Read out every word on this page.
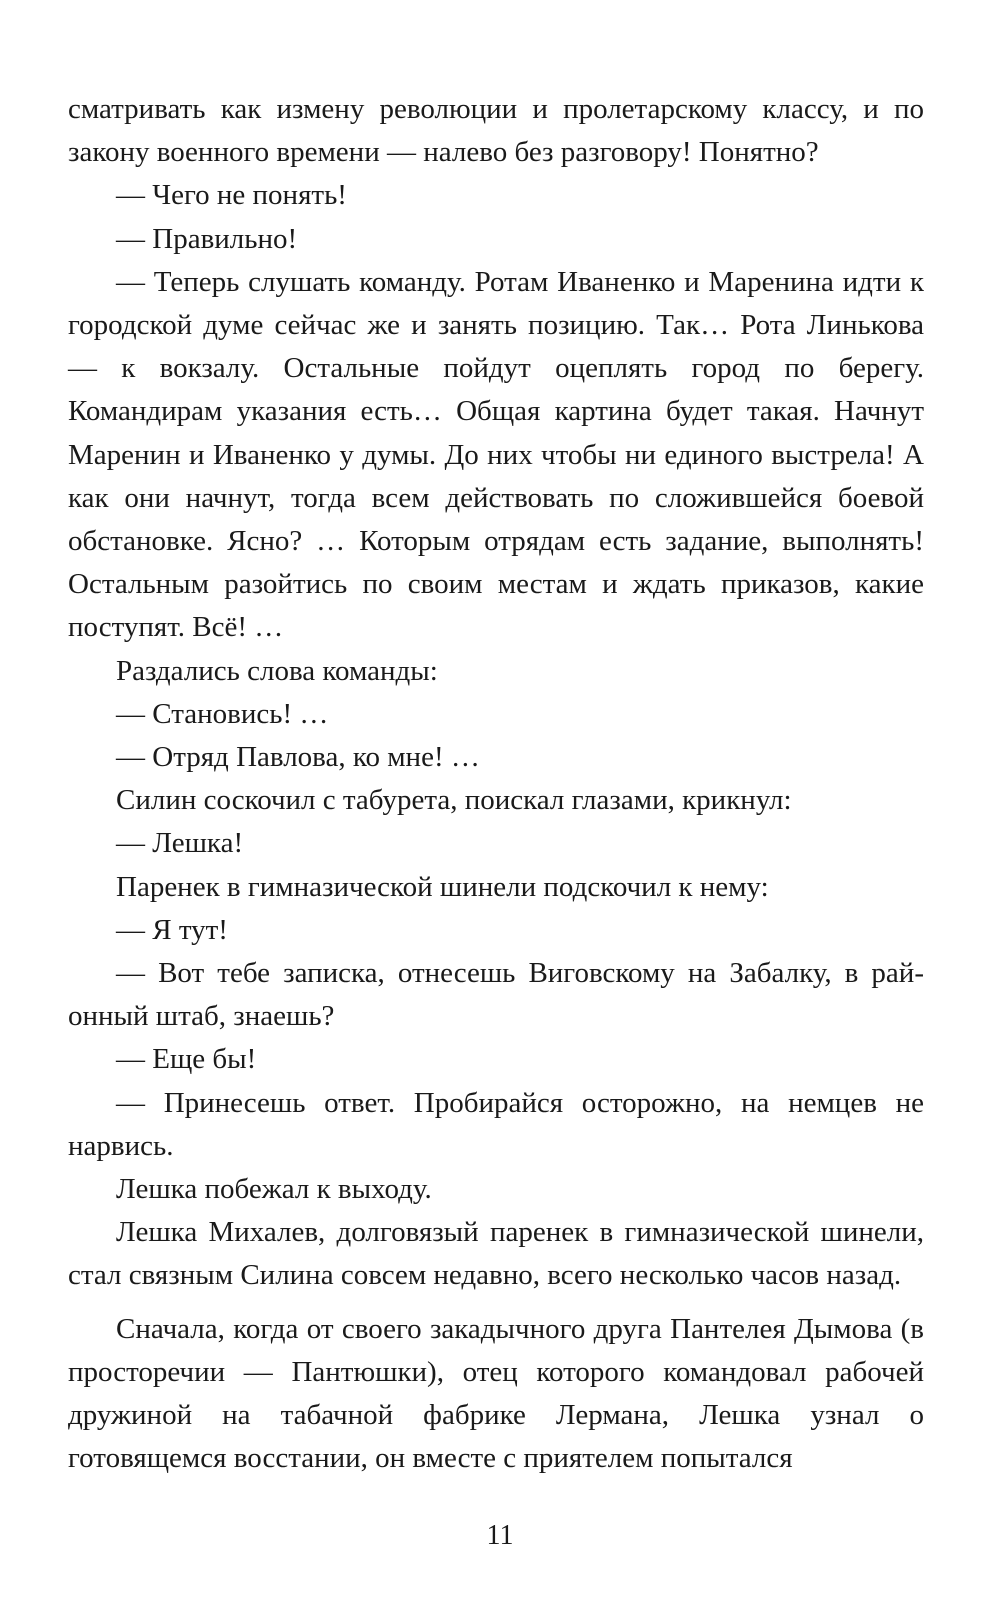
сматривать как измену революции и пролетарскому классу, и по закону военного времени — налево без разговору! Понятно?

— Чего не понять!

— Правильно!

— Теперь слушать команду. Ротам Иваненко и Маренина идти к городской думе сейчас же и занять позицию. Так… Рота Линькова — к вокзалу. Остальные пойдут оцеплять город по берегу. Командирам указания есть… Общая картина будет такая. Начнут Маренин и Иваненко у думы. До них чтобы ни единого выстрела! А как они начнут, тогда всем действовать по сложившейся боевой обстановке. Ясно? … Которым отрядам есть задание, выполнять! Остальным разойтись по своим местам и ждать приказов, какие поступят. Всё! …

Раздались слова команды:

— Становись! …

— Отряд Павлова, ко мне! …

Силин соскочил с табурета, поискал глазами, крикнул:

— Лешка!

Паренек в гимназической шинели подскочил к нему:

— Я тут!

— Вот тебе записка, отнесешь Виговскому на Забалку, в районный штаб, знаешь?

— Еще бы!

— Принесешь ответ. Пробирайся осторожно, на немцев не нарвись.

Лешка побежал к выходу.

Лешка Михалев, долговязый паренек в гимназической шинели, стал связным Силина совсем недавно, всего несколько часов назад.

Сначала, когда от своего закадычного друга Пантелея Дымова (в просторечии — Пантюшки), отец которого командовал рабочей дружиной на табачной фабрике Лермана, Лешка узнал о готовящемся восстании, он вместе с приятелем попытался

11
